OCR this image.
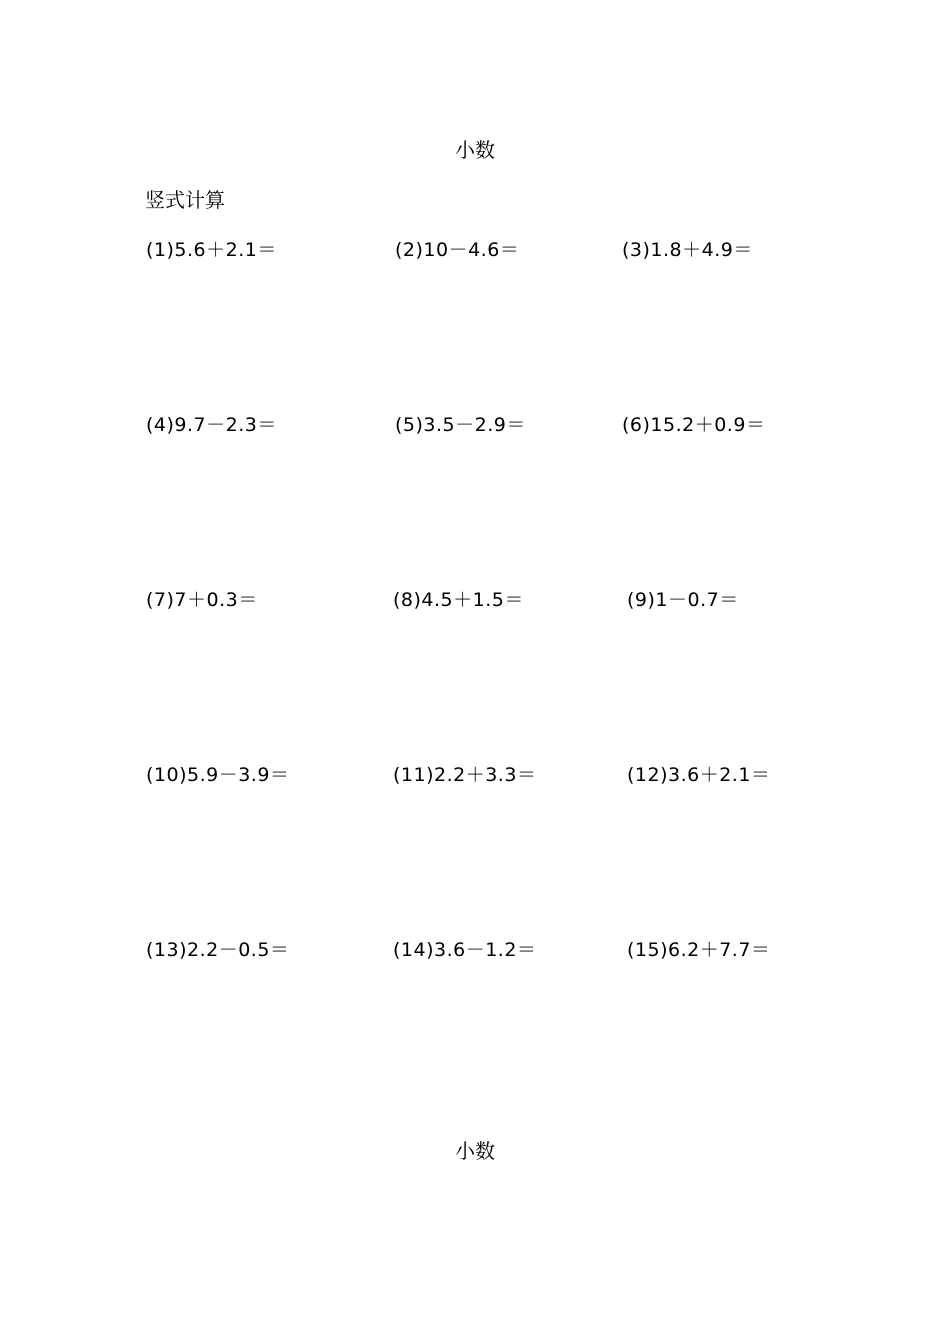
小数
竖式计算
(1)5.6＋2.1＝	(2)10－4.6＝	(3)1.8＋4.9＝
(4)9.7－2.3＝	(5)3.5－2.9＝	(6)15.2＋0.9＝
(7)7＋0.3＝	(8)4.5＋1.5＝	(9)1－0.7＝
(10)5.9－3.9＝	(11)2.2＋3.3＝	(12)3.6＋2.1＝
(13)2.2－0.5＝	(14)3.6－1.2＝	(15)6.2＋7.7＝
小数
